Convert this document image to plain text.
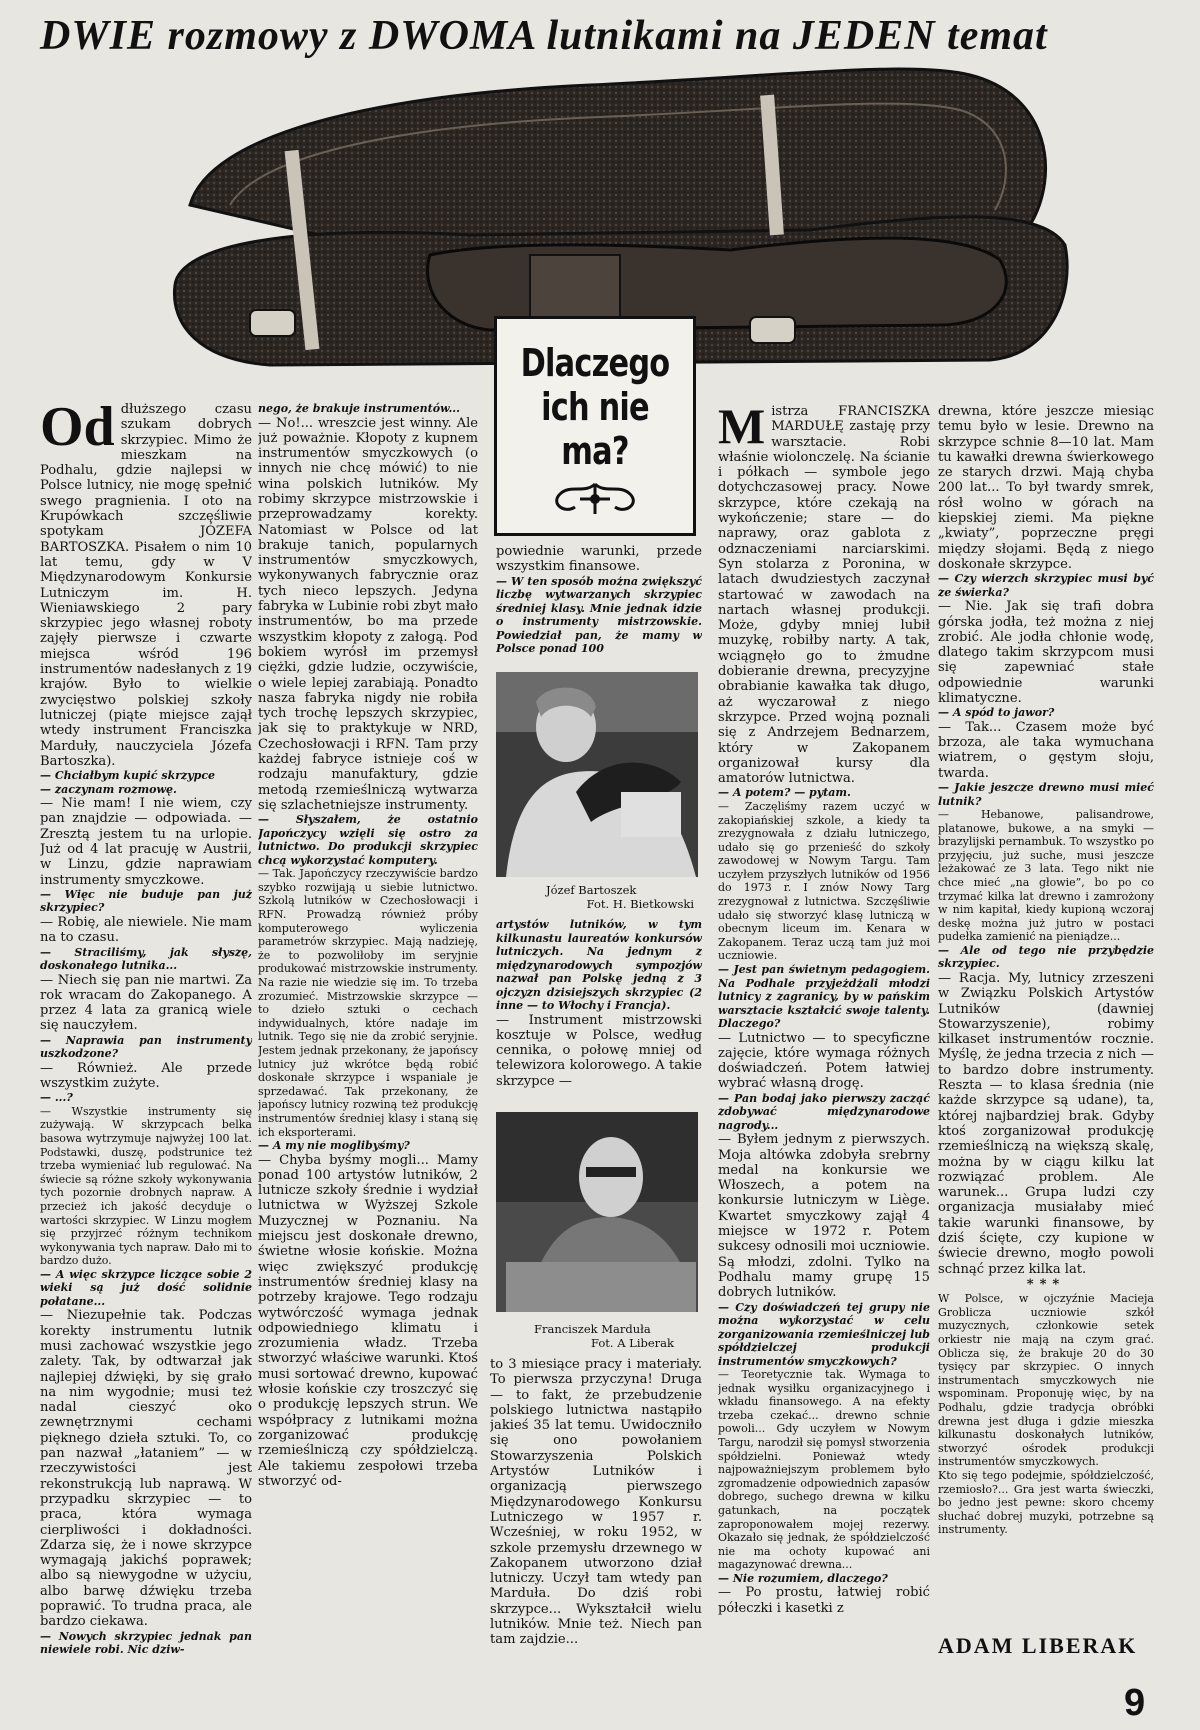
DWIE rozmowy z DWOMA lutnikami na JEDEN temat
Dlaczego
ich nie ma?

Od dłuższego czasu szukam dobrych skrzypiec. Mimo że mieszkam na Podhalu, gdzie najlepsi w Polsce lutnicy, nie mogę spełnić swego pragnienia. I oto na Krupówkach szczęśliwie spotykam JÓZEFA BARTOSZKA. Pisałem o nim 10 lat temu, gdy w V Międzynarodowym Konkursie Lutniczym im. H. Wieniawskiego 2 pary skrzypiec jego własnej roboty zajęły pierwsze i czwarte miejsca wśród 196 instrumentów nadesłanych z 19 krajów. Było to wielkie zwycięstwo polskiej szkoły lutniczej (piąte miejsce zajął wtedy instrument Franciszka Marduły, nauczyciela Józefa Bartoszka).

— Chciałbym kupić skrzypce

— zaczynam rozmowę.

— Nie mam! I nie wiem, czy pan znajdzie — odpowiada. — Zresztą jestem tu na urlopie. Już od 4 lat pracuję w Austrii, w Linzu, gdzie naprawiam instrumenty smyczkowe.

— Więc nie buduje pan już skrzypiec?

— Robię, ale niewiele. Nie mam na to czasu.

— Straciliśmy, jak słyszę, doskonałego lutnika...

— Niech się pan nie martwi. Za rok wracam do Zakopanego. A przez 4 lata za granicą wiele się nauczyłem.

— Naprawia pan instrumenty uszkodzone?

— Również. Ale przede wszystkim zużyte.

— ...?

— Wszystkie instrumenty się zużywają. W skrzypcach belka basowa wytrzymuje najwyżej 100 lat. Podstawki, duszę, podstrunice też trzeba wymieniać lub regulować. Na świecie są różne szkoły wykonywania tych pozornie drobnych napraw. A przecież ich jakość decyduje o wartości skrzypiec. W Linzu mogłem się przyjrzeć różnym technikom wykonywania tych napraw. Dało mi to bardzo dużo.

— A więc skrzypce liczące sobie 2 wieki są już dość solidnie połatane...

— Niezupełnie tak. Podczas korekty instrumentu lutnik musi zachować wszystkie jego zalety. Tak, by odtwarzał jak najlepiej dźwięki, by się grało na nim wygodnie; musi też nadal cieszyć oko zewnętrznymi cechami pięknego dzieła sztuki. To, co pan nazwał „łataniem” — w rzeczywistości jest rekonstrukcją lub naprawą. W przypadku skrzypiec — to praca, która wymaga cierpliwości i dokładności. Zdarza się, że i nowe skrzypce wymagają jakichś poprawek; albo są niewygodne w użyciu, albo barwę dźwięku trzeba poprawić. To trudna praca, ale bardzo ciekawa.

— Nowych skrzypiec jednak pan niewiele robi. Nic dziw-

nego, że brakuje instrumentów...

— No!... wreszcie jest winny. Ale już poważnie. Kłopoty z kupnem instrumentów smyczkowych (o innych nie chcę mówić) to nie wina polskich lutników. My robimy skrzypce mistrzowskie i przeprowadzamy korekty. Natomiast w Polsce od lat brakuje tanich, popularnych instrumentów smyczkowych, wykonywanych fabrycznie oraz tych nieco lepszych. Jedyna fabryka w Lubinie robi zbyt mało instrumentów, bo ma przede wszystkim kłopoty z załogą. Pod bokiem wyrósł im przemysł ciężki, gdzie ludzie, oczywiście, o wiele lepiej zarabiają. Ponadto nasza fabryka nigdy nie robiła tych trochę lepszych skrzypiec, jak się to praktykuje w NRD, Czechosłowacji i RFN. Tam przy każdej fabryce istnieje coś w rodzaju manufaktury, gdzie metodą rzemieślniczą wytwarza się szlachetniejsze instrumenty.

— Słyszałem, że ostatnio Japończycy wzięli się ostro za lutnictwo. Do produkcji skrzypiec chcą wykorzystać komputery.

— Tak. Japończycy rzeczywiście bardzo szybko rozwijają u siebie lutnictwo. Szkolą lutników w Czechosłowacji i RFN. Prowadzą również próby komputerowego wyliczenia parametrów skrzypiec. Mają nadzieję, że to pozwoliłoby im seryjnie produkować mistrzowskie instrumenty. Na razie nie wiedzie się im. To trzeba zrozumieć. Mistrzowskie skrzypce — to dzieło sztuki o cechach indywidualnych, które nadaje im lutnik. Tego się nie da zrobić seryjnie. Jestem jednak przekonany, że japońscy lutnicy już wkrótce będą robić doskonałe skrzypce i wspaniale je sprzedawać. Tak przekonany, że japońscy lutnicy rozwiną też produkcję instrumentów średniej klasy i staną się ich eksporterami.

— A my nie moglibyśmy?

— Chyba byśmy mogli... Mamy ponad 100 artystów lutników, 2 lutnicze szkoły średnie i wydział lutnictwa w Wyższej Szkole Muzycznej w Poznaniu. Na miejscu jest doskonałe drewno, świetne włosie końskie. Można więc zwiększyć produkcję instrumentów średniej klasy na potrzeby krajowe. Tego rodzaju wytwórczość wymaga jednak odpowiedniego klimatu i zrozumienia władz. Trzeba stworzyć właściwe warunki. Ktoś musi sortować drewno, kupować włosie końskie czy troszczyć się o produkcję lepszych strun. We współpracy z lutnikami można zorganizować produkcję rzemieślniczą czy spółdzielczą. Ale takiemu zespołowi trzeba stworzyć od-

powiednie warunki, przede wszystkim finansowe.

— W ten sposób można zwiększyć liczbę wytwarzanych skrzypiec średniej klasy. Mnie jednak idzie o instrumenty mistrzowskie. Powiedział pan, że mamy w Polsce ponad 100

Józef Bartoszek
Fot. H. Bietkowski

artystów lutników, w tym kilkunastu laureatów konkursów lutniczych. Na jednym z międzynarodowych sympozjów nazwał pan Polskę jedną z 3 ojczyzn dzisiejszych skrzypiec (2 inne — to Włochy i Francja).

— Instrument mistrzowski kosztuje w Polsce, według cennika, o połowę mniej od telewizora kolorowego. A takie skrzypce —

Franciszek Marduła
Fot. A Liberak

to 3 miesiące pracy i materiały. To pierwsza przyczyna! Druga — to fakt, że przebudzenie polskiego lutnictwa nastąpiło jakieś 35 lat temu. Uwidoczniło się ono powołaniem Stowarzyszenia Polskich Artystów Lutników i organizacją pierwszego Międzynarodowego Konkursu Lutniczego w 1957 r. Wcześniej, w roku 1952, w szkole przemysłu drzewnego w Zakopanem utworzono dział lutniczy. Uczył tam wtedy pan Marduła. Do dziś robi skrzypce... Wykształcił wielu lutników. Mnie też. Niech pan tam zajdzie...

Mistrza FRANCISZKA MARDUŁĘ zastaję przy warsztacie. Robi właśnie wiolonczelę. Na ścianie i półkach — symbole jego dotychczasowej pracy. Nowe skrzypce, które czekają na wykończenie; stare — do naprawy, oraz gablota z odznaczeniami narciarskimi. Syn stolarza z Poronina, w latach dwudziestych zaczynał startować w zawodach na nartach własnej produkcji. Może, gdyby mniej lubił muzykę, robiłby narty. A tak, wciągnęło go to żmudne dobieranie drewna, precyzyjne obrabianie kawałka tak długo, aż wyczarował z niego skrzypce. Przed wojną poznali się z Andrzejem Bednarzem, który w Zakopanem organizował kursy dla amatorów lutnictwa.

— A potem? — pytam.

— Zaczęliśmy razem uczyć w zakopiańskiej szkole, a kiedy ta zrezygnowała z działu lutniczego, udało się go przenieść do szkoły zawodowej w Nowym Targu. Tam uczyłem przyszłych lutników od 1956 do 1973 r. I znów Nowy Targ zrezygnował z lutnictwa. Szczęśliwie udało się stworzyć klasę lutniczą w obecnym liceum im. Kenara w Zakopanem. Teraz uczą tam już moi uczniowie.

— Jest pan świetnym pedagogiem. Na Podhale przyjeżdżali młodzi lutnicy z zagranicy, by w pańskim warsztacie kształcić swoje talenty. Dlaczego?

— Lutnictwo — to specyficzne zajęcie, które wymaga różnych doświadczeń. Potem łatwiej wybrać własną drogę.

— Pan bodaj jako pierwszy zacząć zdobywać międzynarodowe nagrody...

— Byłem jednym z pierwszych. Moja altówka zdobyła srebrny medal na konkursie we Włoszech, a potem na konkursie lutniczym w Liège. Kwartet smyczkowy zajął 4 miejsce w 1972 r. Potem sukcesy odnosili moi uczniowie. Są młodzi, zdolni. Tylko na Podhalu mamy grupę 15 dobrych lutników.

— Czy doświadczeń tej grupy nie można wykorzystać w celu zorganizowania rzemieślniczej lub spółdzielczej produkcji instrumentów smyczkowych?

— Teoretycznie tak. Wymaga to jednak wysiłku organizacyjnego i wkładu finansowego. A na efekty trzeba czekać... drewno schnie powoli... Gdy uczyłem w Nowym Targu, narodził się pomysł stworzenia spółdzielni. Ponieważ wtedy najpoważniejszym problemem było zgromadzenie odpowiednich zapasów dobrego, suchego drewna w kilku gatunkach, na początek zaproponowałem mojej rezerwy. Okazało się jednak, że spółdzielczość nie ma ochoty kupować ani magazynować drewna...

— Nie rozumiem, dlaczego?

— Po prostu, łatwiej robić półeczki i kasetki z

drewna, które jeszcze miesiąc temu było w lesie. Drewno na skrzypce schnie 8—10 lat. Mam tu kawałki drewna świerkowego ze starych drzwi. Mają chyba 200 lat... To był twardy smrek, rósł wolno w górach na kiepskiej ziemi. Ma piękne „kwiaty”, poprzeczne pręgi między słojami. Będą z niego doskonałe skrzypce.

— Czy wierzch skrzypiec musi być ze świerka?

— Nie. Jak się trafi dobra górska jodła, też można z niej zrobić. Ale jodła chłonie wodę, dlatego takim skrzypcom musi się zapewniać stałe odpowiednie warunki klimatyczne.

— A spód to jawor?

— Tak... Czasem może być brzoza, ale taka wymuchana wiatrem, o gęstym słoju, twarda.

— Jakie jeszcze drewno musi mieć lutnik?

— Hebanowe, palisandrowe, platanowe, bukowe, a na smyki — brazylijski pernambuk. To wszystko po przyjęciu, już suche, musi jeszcze leżakować ze 3 lata. Tego nikt nie chce mieć „na głowie”, bo po co trzymać kilka lat drewno i zamrożony w nim kapitał, kiedy kupioną wczoraj deskę można już jutro w postaci pudełka zamienić na pieniądze...

— Ale od tego nie przybędzie skrzypiec.

— Racja. My, lutnicy zrzeszeni w Związku Polskich Artystów Lutników (dawniej Stowarzyszenie), robimy kilkaset instrumentów rocznie. Myślę, że jedna trzecia z nich — to bardzo dobre instrumenty. Reszta — to klasa średnia (nie każde skrzypce są udane), ta, której najbardziej brak. Gdyby ktoś zorganizował produkcję rzemieślniczą na większą skalę, można by w ciągu kilku lat rozwiązać problem. Ale warunek... Grupa ludzi czy organizacja musiałaby mieć takie warunki finansowe, by dziś ścięte, czy kupione w świecie drewno, mogło powoli schnąć przez kilka lat.

***

W Polsce, w ojczyźnie Macieja Groblicza uczniowie szkół muzycznych, członkowie setek orkiestr nie mają na czym grać. Oblicza się, że brakuje 20 do 30 tysięcy par skrzypiec. O innych instrumentach smyczkowych nie wspominam. Proponuję więc, by na Podhalu, gdzie tradycja obróbki drewna jest długa i gdzie mieszka kilkunastu doskonałych lutników, stworzyć ośrodek produkcji instrumentów smyczkowych.

Kto się tego podejmie, spółdzielczość, rzemiosło?... Gra jest warta świeczki, bo jedno jest pewne: skoro chcemy słuchać dobrej muzyki, potrzebne są instrumenty.

ADAM LIBERAK
9
